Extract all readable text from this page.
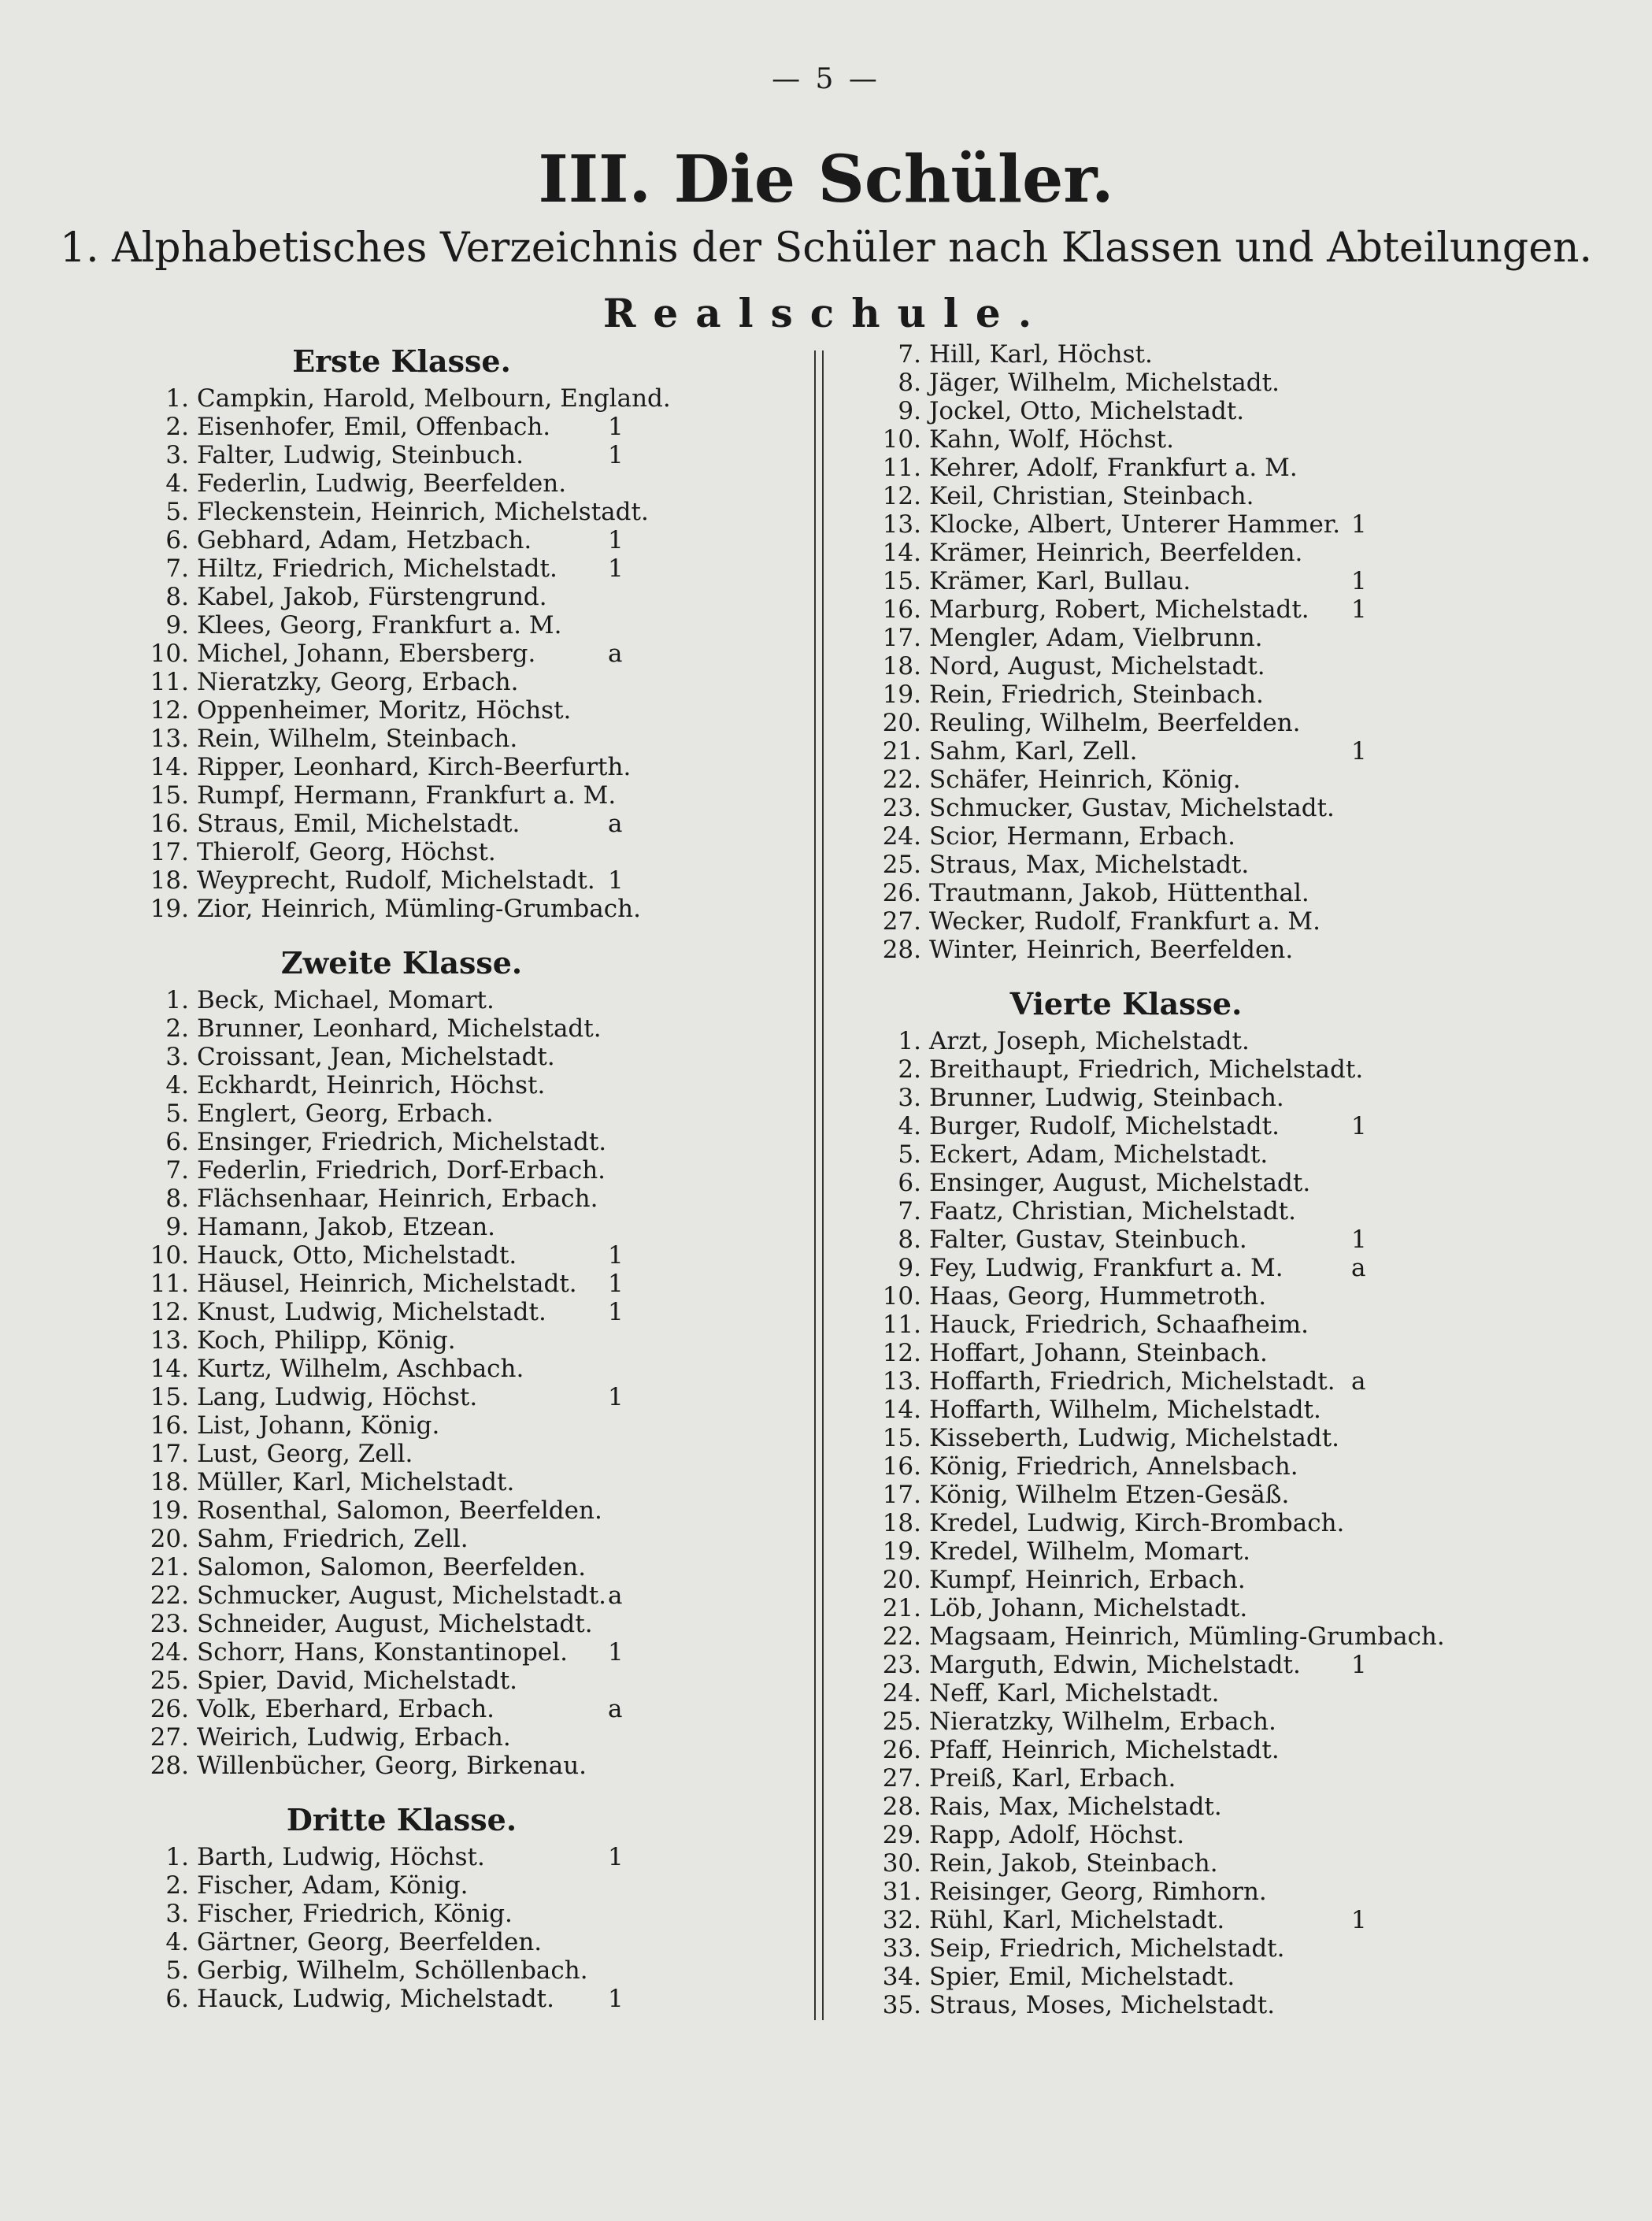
— 5 —
III. Die Schüler.
1. Alphabetisches Verzeichnis der Schüler nach Klassen und Abteilungen.
Realschule.
Erste Klasse.
1. Campkin, Harold, Melbourn, England.
2. Eisenhofer, Emil, Offenbach. 1
3. Falter, Ludwig, Steinbuch.	1
4. Federlin, Ludwig, Beerfelden.
5. Fleckenstein, Heinrich, Michelstadt.
6. Gebhard, Adam, Hetzbach.	1
7. Hiltz, Friedrich, Michelstadt. 1
8. Kabel, Jakob, Fürstengrund.
9. Klees, Georg, Frankfurt a. M.
10. Michel, Johann, Ebersberg.	a
11. Nieratzky, Georg, Erbach.
12. Oppenheimer, Moritz, Höchst.
13. Rein, Wilhelm, Steinbach.
14. Ripper, Leonhard, Kirch-Beerfurth.
15. Rumpf, Hermann, Frankfurt a. M.
16. Straus, Emil, Michelstadt.	a
17. Thierolf, Georg, Höchst.
18. Weyprecht, Rudolf, Michelstadt. 1
19. Zior, Heinrich, Mümling-Grumbach.
Zweite Klasse.
1. Beck, Michael, Momart.
2. Brunner, Leonhard, Michelstadt.
3. Croissant, Jean, Michelstadt.
4. Eckhardt, Heinrich, Höchst.
5. Englert, Georg, Erbach.
6. Ensinger, Friedrich, Michelstadt.
7. Federlin, Friedrich, Dorf-Erbach.
8. Flächsenhaar, Heinrich, Erbach.
9. Hamann, Jakob, Etzean.
10. Hauck, Otto, Michelstadt.	1
11. Häusel, Heinrich, Michelstadt. 1
12. Knust, Ludwig, Michelstadt.	1
13. Koch, Philipp, König.
14. Kurtz, Wilhelm, Aschbach.
15. Lang, Ludwig, Höchst.	1
16. List, Johann, König.
17. Lust, Georg, Zell.
18. Müller, Karl, Michelstadt.
19. Rosenthal, Salomon, Beerfelden.
20. Sahm, Friedrich, Zell.
21. Salomon, Salomon, Beerfelden.
22. Schmucker, August, Michelstadt. a
23. Schneider, August, Michelstadt.
24. Schorr, Hans, Konstantinopel. 1
25. Spier, David, Michelstadt.
26. Volk, Eberhard, Erbach.	a
27. Weirich, Ludwig, Erbach.
28. Willenbücher, Georg, Birkenau.
Dritte Klasse.
1. Barth, Ludwig, Höchst.	1
2. Fischer, Adam, König.
3. Fischer, Friedrich, König.
4. Gärtner, Georg, Beerfelden.
5. Gerbig, Wilhelm, Schöllenbach.
6. Hauck, Ludwig, Michelstadt. 1
7. Hill, Karl, Höchst.
8. Jäger, Wilhelm, Michelstadt.
9. Jockel, Otto, Michelstadt.
10. Kahn, Wolf, Höchst.
11. Kehrer, Adolf, Frankfurt a. M.
12. Keil, Christian, Steinbach.
13. Klocke, Albert, Unterer Hammer. 1
14. Krämer, Heinrich, Beerfelden.
15. Krämer, Karl, Bullau.	1
16. Marburg, Robert, Michelstadt. 1
17. Mengler, Adam, Vielbrunn.
18. Nord, August, Michelstadt.
19. Rein, Friedrich, Steinbach.
20. Reuling, Wilhelm, Beerfelden.
21. Sahm, Karl, Zell.	1
22. Schäfer, Heinrich, König.
23. Schmucker, Gustav, Michelstadt.
24. Scior, Hermann, Erbach.
25. Straus, Max, Michelstadt.
26. Trautmann, Jakob, Hüttenthal.
27. Wecker, Rudolf, Frankfurt a. M.
28. Winter, Heinrich, Beerfelden.
Vierte Klasse.
1. Arzt, Joseph, Michelstadt.
2. Breithaupt, Friedrich, Michelstadt.
3. Brunner, Ludwig, Steinbach.
4. Burger, Rudolf, Michelstadt.	1
5. Eckert, Adam, Michelstadt.
6. Ensinger, August, Michelstadt.
7. Faatz, Christian, Michelstadt.
8. Falter, Gustav, Steinbuch.	1
9. Fey, Ludwig, Frankfurt a. M.	a
10. Haas, Georg, Hummetroth.
11. Hauck, Friedrich, Schaafheim.
12. Hoffart, Johann, Steinbach.
13. Hoffarth, Friedrich, Michelstadt. a
14. Hoffarth, Wilhelm, Michelstadt.
15. Kisseberth, Ludwig, Michelstadt.
16. König, Friedrich, Annelsbach.
17. König, Wilhelm Etzen-Gesäß.
18. Kredel, Ludwig, Kirch-Brombach.
19. Kredel, Wilhelm, Momart.
20. Kumpf, Heinrich, Erbach.
21. Löb, Johann, Michelstadt.
22. Magsaam, Heinrich, Mümling-Grumbach.
23. Marguth, Edwin, Michelstadt. 1
24. Neff, Karl, Michelstadt.
25. Nieratzky, Wilhelm, Erbach.
26. Pfaff, Heinrich, Michelstadt.
27. Preiß, Karl, Erbach.
28. Rais, Max, Michelstadt.
29. Rapp, Adolf, Höchst.
30. Rein, Jakob, Steinbach.
31. Reisinger, Georg, Rimhorn.
32. Rühl, Karl, Michelstadt.	1
33. Seip, Friedrich, Michelstadt.
34. Spier, Emil, Michelstadt.
35. Straus, Moses, Michelstadt.
